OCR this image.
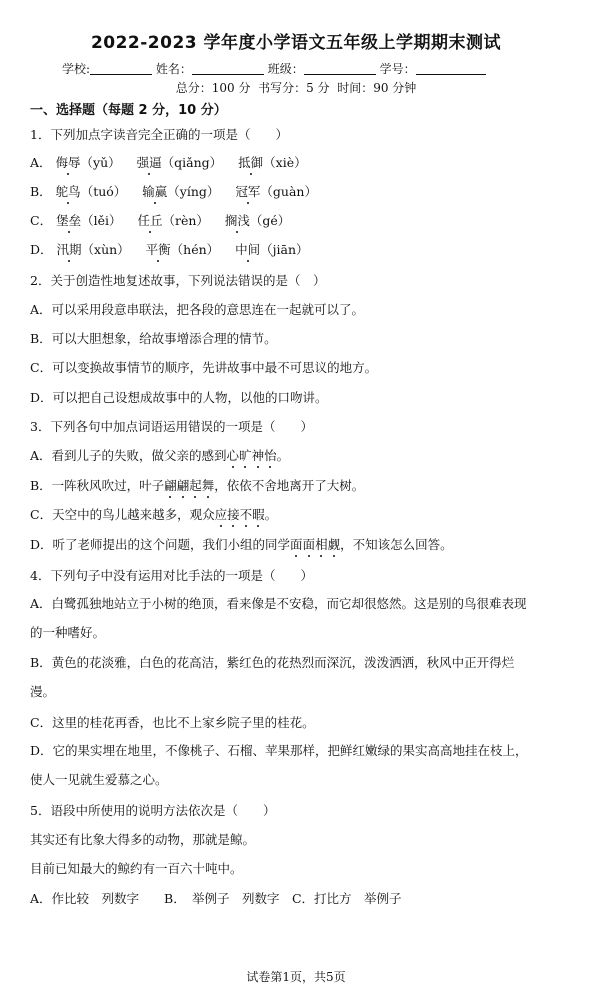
2022-2023 学年度小学语文五年级上学期期末测试
学校:	姓名：	班级：	学号：
总分：100 分 书写分：5 分 时间：90 分钟
一、选择题（每题 2 分，10 分）
1．下列加点字读音完全正确的一项是（　　）
A． 侮辱（yǔ） 强逼（qiǎng） 抵御（xiè）
B． 鸵鸟（tuó） 输赢（yíng） 冠军（guàn）
C． 堡垒（lěi） 任丘（rèn） 搁浅（gé）
D． 汛期（xùn） 平衡（hén） 中间（jiān）
2．关于创造性地复述故事，下列说法错误的是（　）
A．可以采用段意串联法，把各段的意思连在一起就可以了。
B．可以大胆想象，给故事增添合理的情节。
C．可以变换故事情节的顺序，先讲故事中最不可思议的地方。
D．可以把自己设想成故事中的人物，以他的口吻讲。
3．下列各句中加点词语运用错误的一项是（　　）
A．看到儿子的失败，做父亲的感到心旷神怡。
B．一阵秋风吹过，叶子翩翩起舞，依依不舍地离开了大树。
C．天空中的鸟儿越来越多，观众应接不暇。
D．听了老师提出的这个问题，我们小组的同学面面相觑，不知该怎么回答。
4．下列句子中没有运用对比手法的一项是（　　）
A．白鹭孤独地站立于小树的绝顶，看来像是不安稳，而它却很悠然。这是别的鸟很难表现的一种嗜好。
B．黄色的花淡雅，白色的花高洁，紫红色的花热烈而深沉，泼泼洒洒，秋风中正开得烂漫。
C．这里的桂花再香，也比不上家乡院子里的桂花。
D．它的果实埋在地里，不像桃子、石榴、苹果那样，把鲜红嫩绿的果实高高地挂在枝上，使人一见就生爱慕之心。
5．语段中所使用的说明方法依次是（　　）
其实还有比象大得多的动物，那就是鲸。
目前已知最大的鲸约有一百六十吨中。
A．作比较　列数字　　B．　举例子　列数字　C．打比方　举例子
试卷第1页，共5页
